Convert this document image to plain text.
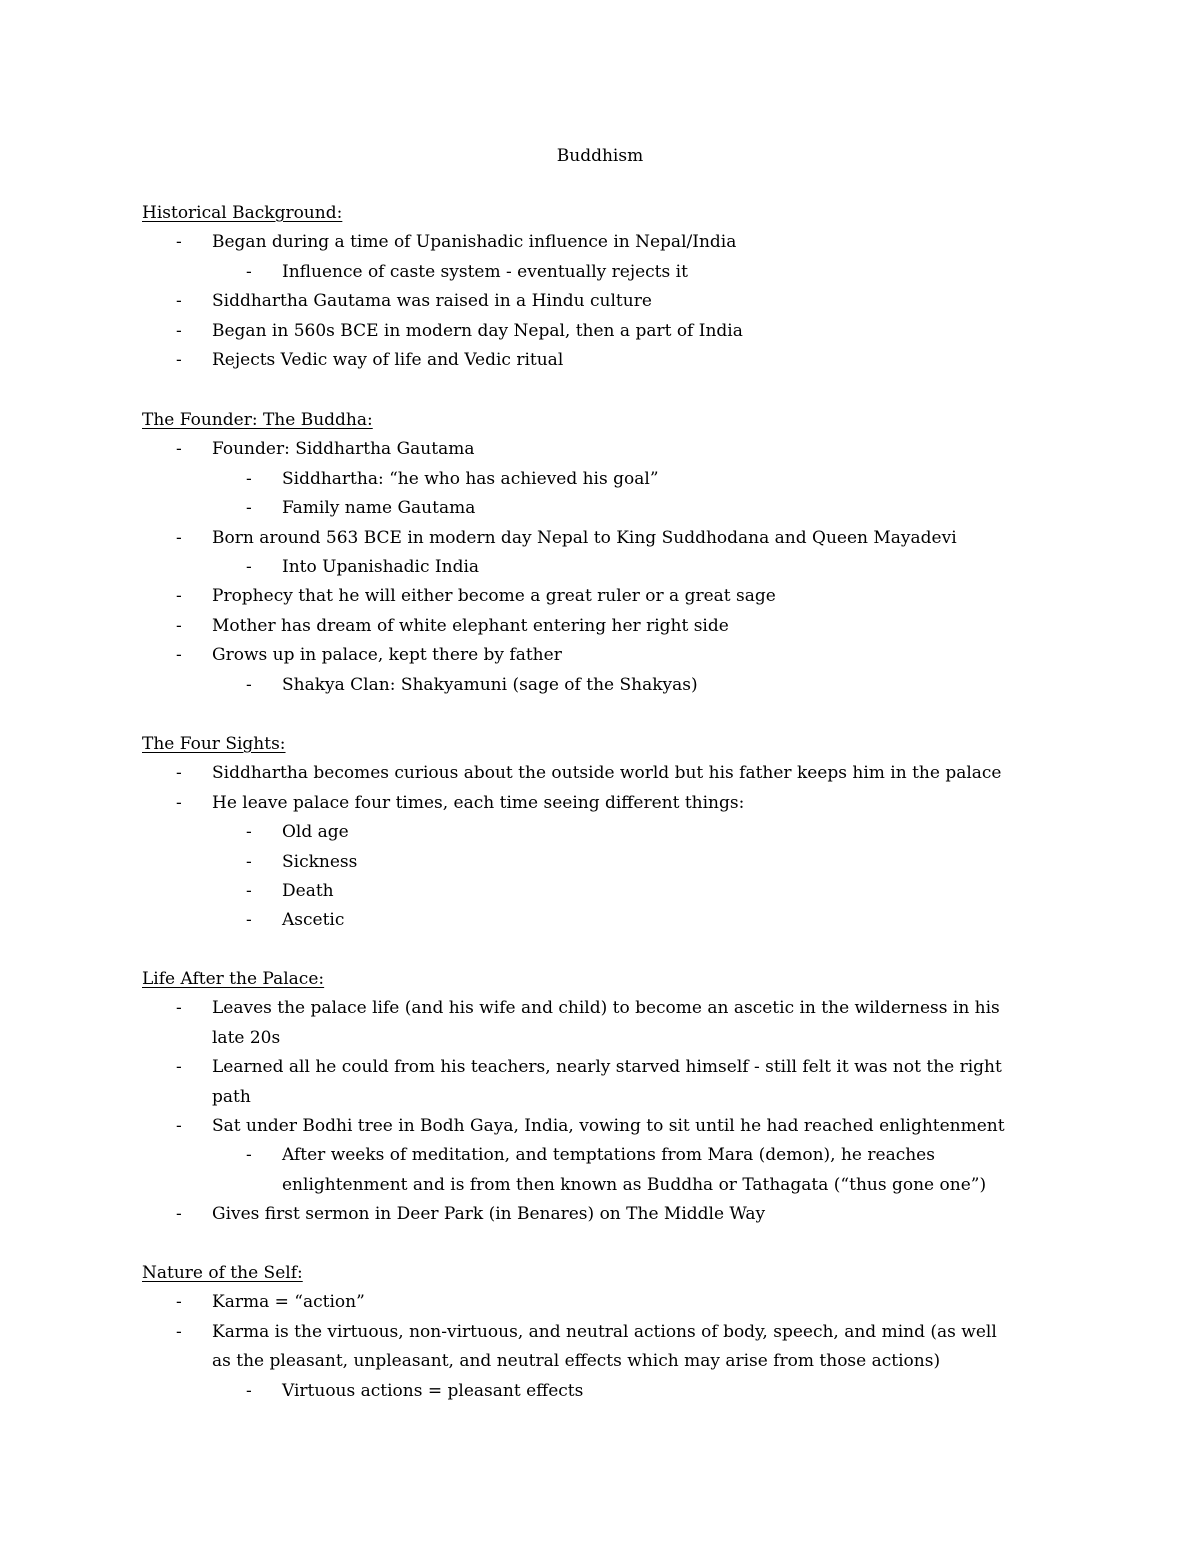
Buddhism
Historical Background:
-	Began during a time of Upanishadic influence in Nepal/India
-	Influence of caste system - eventually rejects it
-	Siddhartha Gautama was raised in a Hindu culture
-	Began in 560s BCE in modern day Nepal, then a part of India
-	Rejects Vedic way of life and Vedic ritual
The Founder: The Buddha:
-	Founder: Siddhartha Gautama
-	Siddhartha: “he who has achieved his goal”
-	Family name Gautama
-	Born around 563 BCE in modern day Nepal to King Suddhodana and Queen Mayadevi
-	Into Upanishadic India
-	Prophecy that he will either become a great ruler or a great sage
-	Mother has dream of white elephant entering her right side
-	Grows up in palace, kept there by father
-	Shakya Clan: Shakyamuni (sage of the Shakyas)
The Four Sights:
-	Siddhartha becomes curious about the outside world but his father keeps him in the palace
-	He leave palace four times, each time seeing different things:
-	Old age
-	Sickness
-	Death
-	Ascetic
Life After the Palace:
-	Leaves the palace life (and his wife and child) to become an ascetic in the wilderness in his
late 20s
-	Learned all he could from his teachers, nearly starved himself - still felt it was not the right
path
-	Sat under Bodhi tree in Bodh Gaya, India, vowing to sit until he had reached enlightenment
-	After weeks of meditation, and temptations from Mara (demon), he reaches
enlightenment and is from then known as Buddha or Tathagata (“thus gone one”)
-	Gives first sermon in Deer Park (in Benares) on The Middle Way
Nature of the Self:
-	Karma = “action”
-	Karma is the virtuous, non-virtuous, and neutral actions of body, speech, and mind (as well
as the pleasant, unpleasant, and neutral effects which may arise from those actions)
-	Virtuous actions = pleasant effects
